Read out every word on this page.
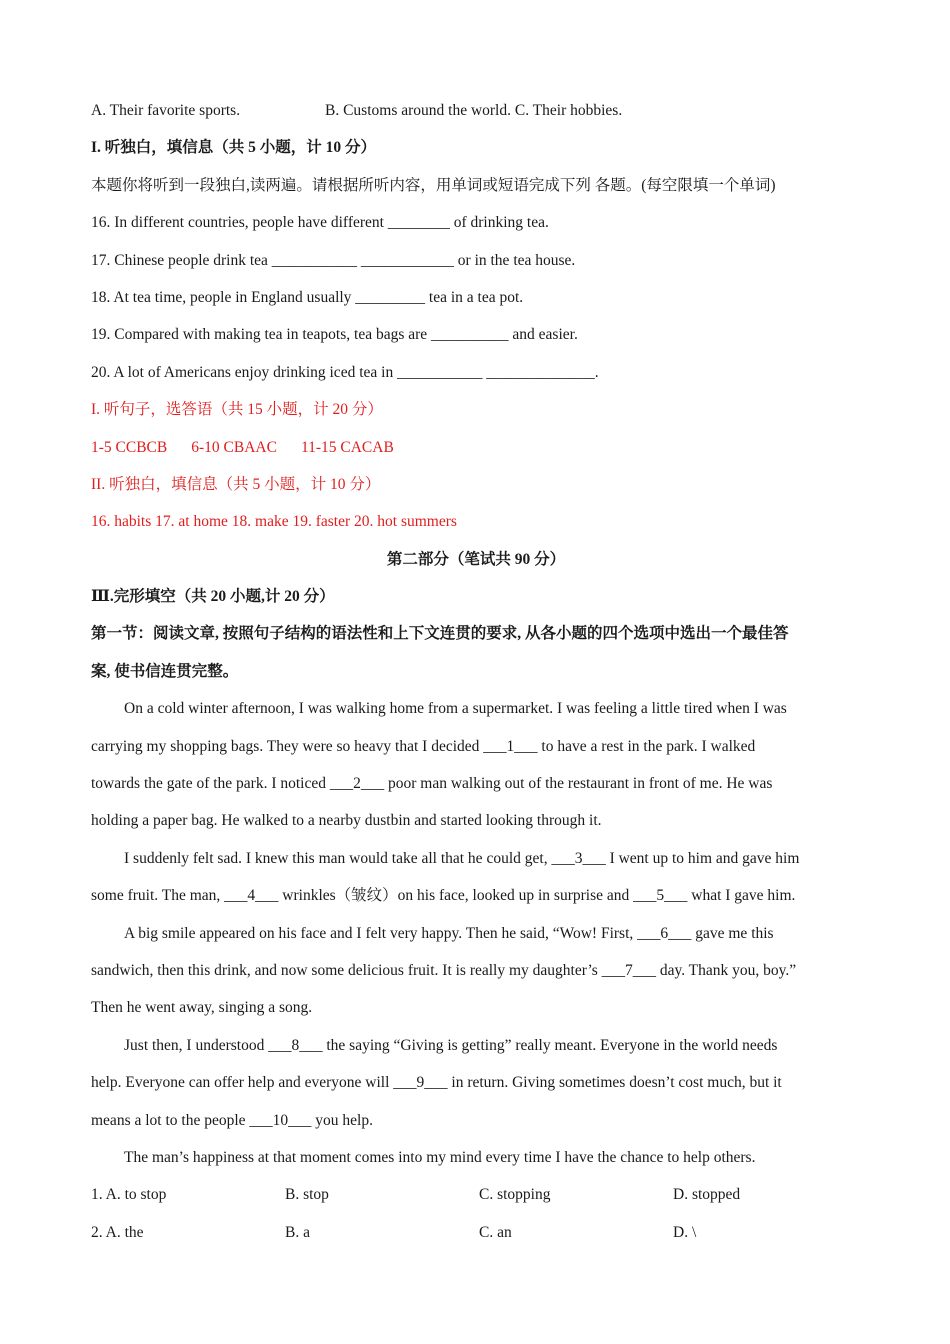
A. Their favorite sports.	B. Customs around the world. C. Their hobbies.

I. 听独白，填信息（共 5 小题，计 10 分）

本题你将听到一段独白,读两遍。请根据所听内容，用单词或短语完成下列 各题。(每空限填一个单词)

16. In different countries, people have different ________ of drinking tea.

17. Chinese people drink tea ___________ ____________ or in the tea house.

18. At tea time, people in England usually _________ tea in a tea pot.

19. Compared with making tea in teapots, tea bags are __________ and easier.

20. A lot of Americans enjoy drinking iced tea in ___________ ______________.

I. 听句子，选答语（共 15 小题，计 20 分）

1-5 CCBCB 6-10 CBAAC 11-15 CACAB

II. 听独白，填信息（共 5 小题，计 10 分）

16. habits 17. at home 18. make 19. faster 20. hot summers

第二部分（笔试共 90 分）

Ⅲ.完形填空（共 20 小题,计 20 分）

第一节：阅读文章, 按照句子结构的语法性和上下文连贯的要求, 从各小题的四个选项中选出一个最佳答

案, 使书信连贯完整。

On a cold winter afternoon, I was walking home from a supermarket. I was feeling a little tired when I was

carrying my shopping bags. They were so heavy that I decided ___1___ to have a rest in the park. I walked

towards the gate of the park. I noticed ___2___ poor man walking out of the restaurant in front of me. He was

holding a paper bag. He walked to a nearby dustbin and started looking through it.

I suddenly felt sad. I knew this man would take all that he could get, ___3___ I went up to him and gave him

some fruit. The man, ___4___ wrinkles（皱纹）on his face, looked up in surprise and ___5___ what I gave him.

A big smile appeared on his face and I felt very happy. Then he said, “Wow! First, ___6___ gave me this

sandwich, then this drink, and now some delicious fruit. It is really my daughter’s ___7___ day. Thank you, boy.”

Then he went away, singing a song.

Just then, I understood ___8___ the saying “Giving is getting” really meant. Everyone in the world needs

help. Everyone can offer help and everyone will ___9___ in return. Giving sometimes doesn’t cost much, but it

means a lot to the people ___10___ you help.

The man’s happiness at that moment comes into my mind every time I have the chance to help others.

1. A. to stop	B. stop	C. stopping	D. stopped
2. A. the	B. a	C. an	D. \
